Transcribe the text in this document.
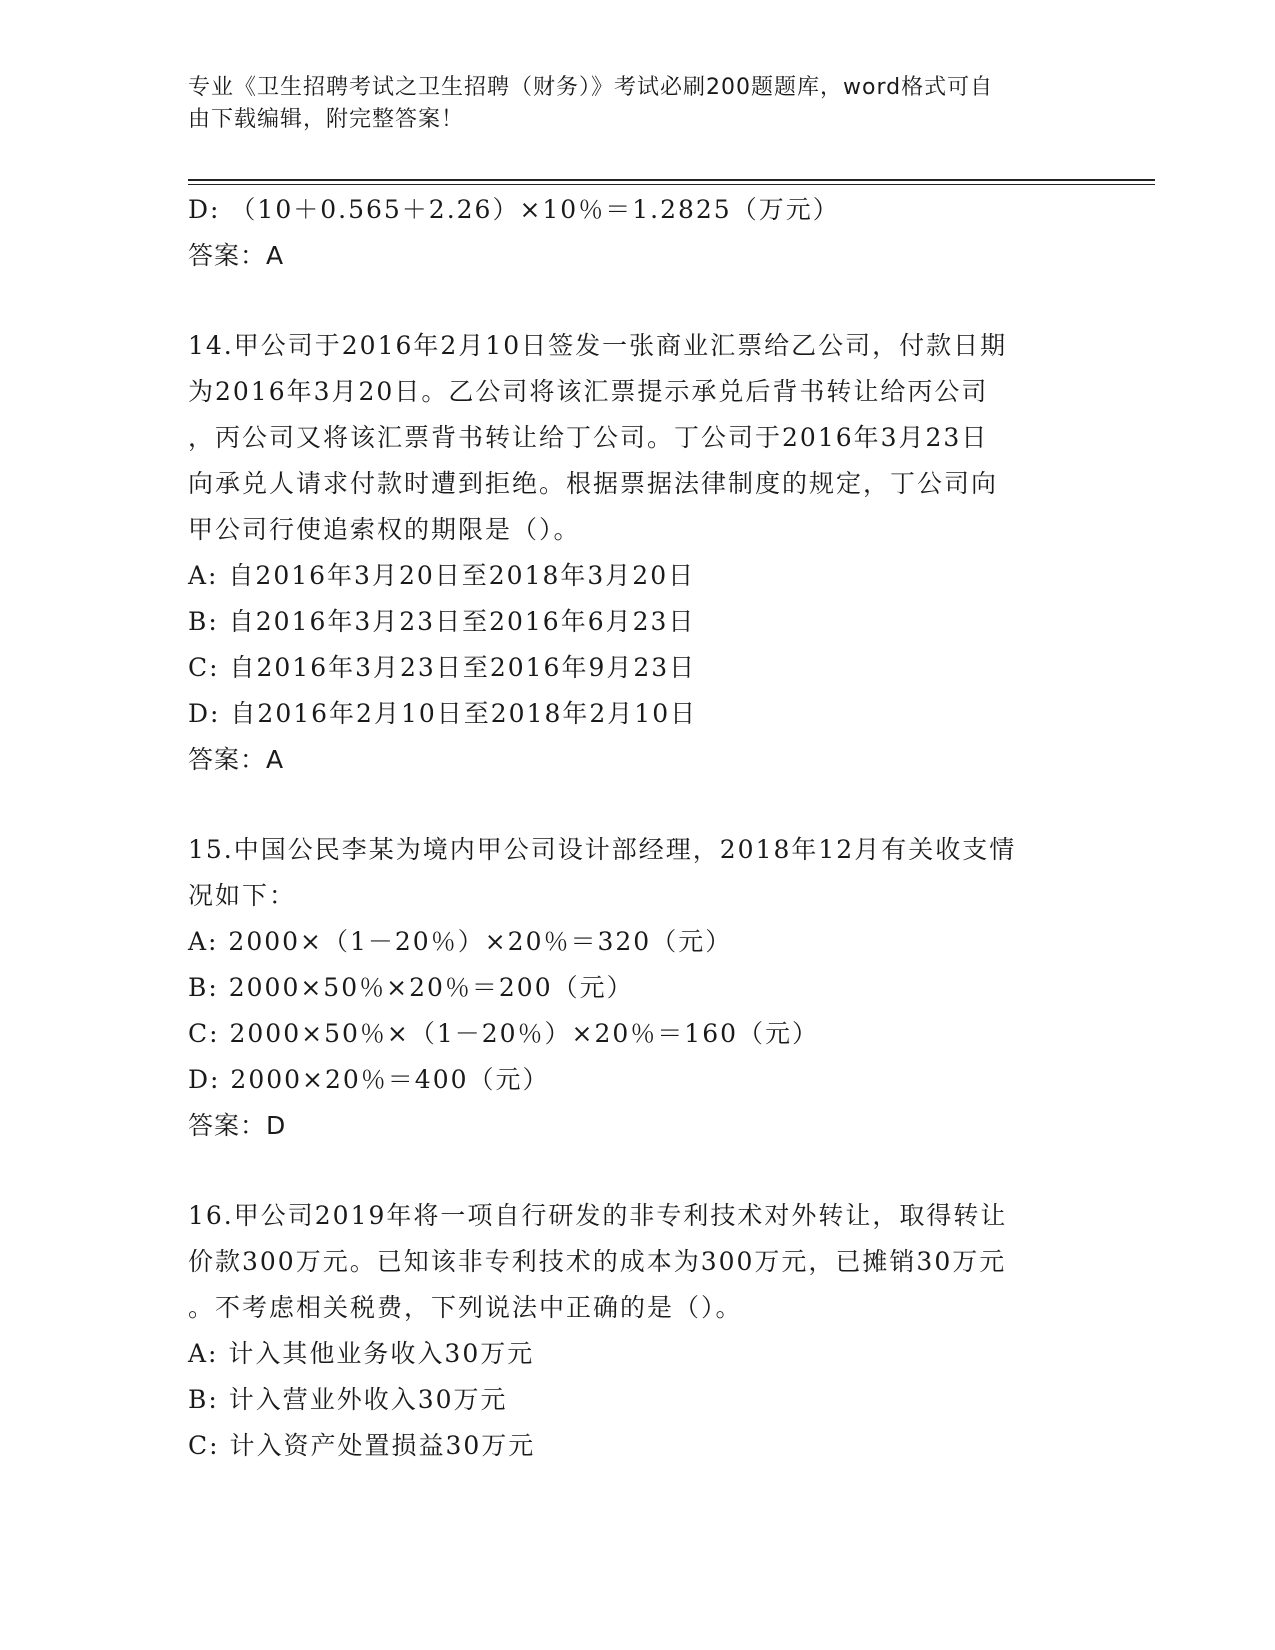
专业《卫生招聘考试之卫生招聘（财务）》考试必刷200题题库，word格式可自
由下载编辑，附完整答案！
D: （10＋0.565＋2.26）×10％＝1.2825（万元）
答案：A
14.甲公司于2016年2月10日签发一张商业汇票给乙公司，付款日期
为2016年3月20日。乙公司将该汇票提示承兑后背书转让给丙公司
，丙公司又将该汇票背书转让给丁公司。丁公司于2016年3月23日
向承兑人请求付款时遭到拒绝。根据票据法律制度的规定，丁公司向
甲公司行使追索权的期限是（）。
A: 自2016年3月20日至2018年3月20日
B: 自2016年3月23日至2016年6月23日
C: 自2016年3月23日至2016年9月23日
D: 自2016年2月10日至2018年2月10日
答案：A
15.中国公民李某为境内甲公司设计部经理，2018年12月有关收支情
况如下：
A: 2000×（1－20％）×20％＝320（元）
B: 2000×50％×20％＝200（元）
C: 2000×50％×（1－20％）×20％＝160（元）
D: 2000×20％＝400（元）
答案：D
16.甲公司2019年将一项自行研发的非专利技术对外转让，取得转让
价款300万元。已知该非专利技术的成本为300万元，已摊销30万元
。不考虑相关税费，下列说法中正确的是（）。
A: 计入其他业务收入30万元
B: 计入营业外收入30万元
C: 计入资产处置损益30万元
